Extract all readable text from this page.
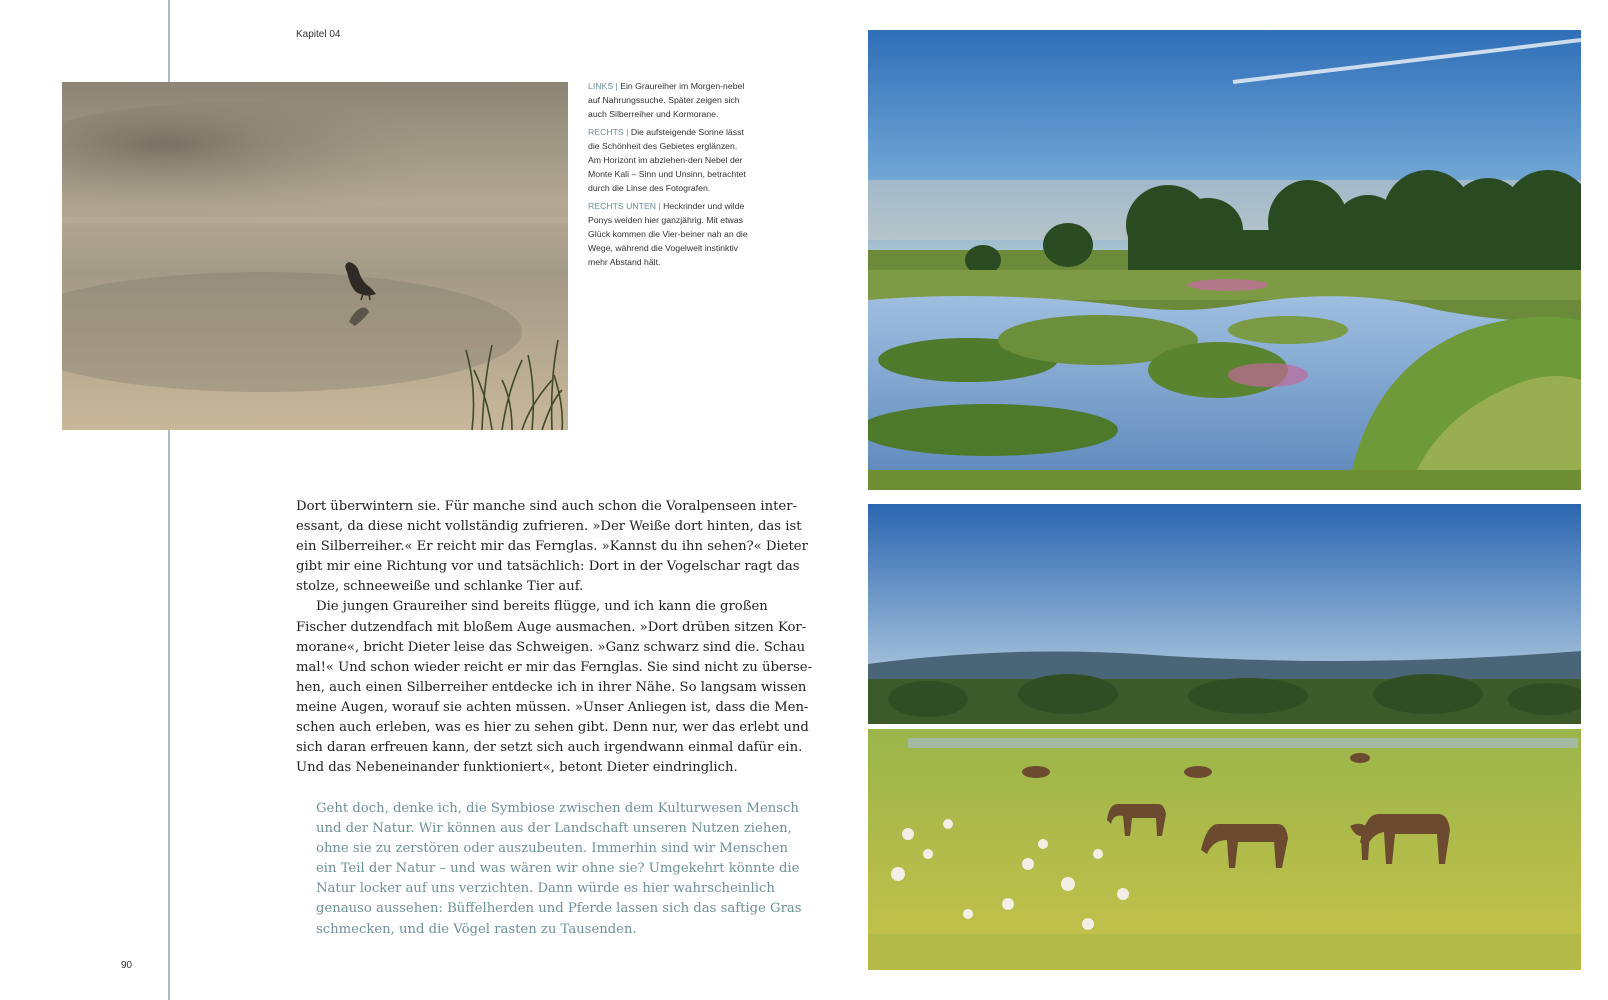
Kapitel 04

LINKS | Ein Graureiher im Morgen-nebel auf Nahrungssuche. Später zeigen sich auch Silberreiher und Kormorane.

RECHTS | Die aufsteigende Sonne lässt die Schönheit des Gebietes erglänzen. Am Horizont im abziehen-den Nebel der Monte Kali – Sinn und Unsinn, betrachtet durch die Linse des Fotografen.

RECHTS UNTEN | Heckrinder und wilde Ponys weiden hier ganzjährig. Mit etwas Glück kommen die Vier-beiner nah an die Wege, während die Vogelwelt instinktiv mehr Abstand hält.

Dort überwintern sie. Für manche sind auch schon die Voralpenseen inter-
essant, da diese nicht vollständig zufrieren. »Der Weiße dort hinten, das ist
ein Silberreiher.« Er reicht mir das Fernglas. »Kannst du ihn sehen?« Dieter
gibt mir eine Richtung vor und tatsächlich: Dort in der Vogelschar ragt das
stolze, schneeweiße und schlanke Tier auf.
Die jungen Graureiher sind bereits flügge, und ich kann die großen
Fischer dutzendfach mit bloßem Auge ausmachen. »Dort drüben sitzen Kor-
morane«, bricht Dieter leise das Schweigen. »Ganz schwarz sind die. Schau
mal!« Und schon wieder reicht er mir das Fernglas. Sie sind nicht zu überse-
hen, auch einen Silberreiher entdecke ich in ihrer Nähe. So langsam wissen
meine Augen, worauf sie achten müssen. »Unser Anliegen ist, dass die Men-
schen auch erleben, was es hier zu sehen gibt. Denn nur, wer das erlebt und
sich daran erfreuen kann, der setzt sich auch irgendwann einmal dafür ein.
Und das Nebeneinander funktioniert«, betont Dieter eindringlich.
Geht doch, denke ich, die Symbiose zwischen dem Kulturwesen Mensch
und der Natur. Wir können aus der Landschaft unseren Nutzen ziehen,
ohne sie zu zerstören oder auszubeuten. Immerhin sind wir Menschen
ein Teil der Natur – und was wären wir ohne sie? Umgekehrt könnte die
Natur locker auf uns verzichten. Dann würde es hier wahrscheinlich
genauso aussehen: Büffelherden und Pferde lassen sich das saftige Gras
schmecken, und die Vögel rasten zu Tausenden.
90
